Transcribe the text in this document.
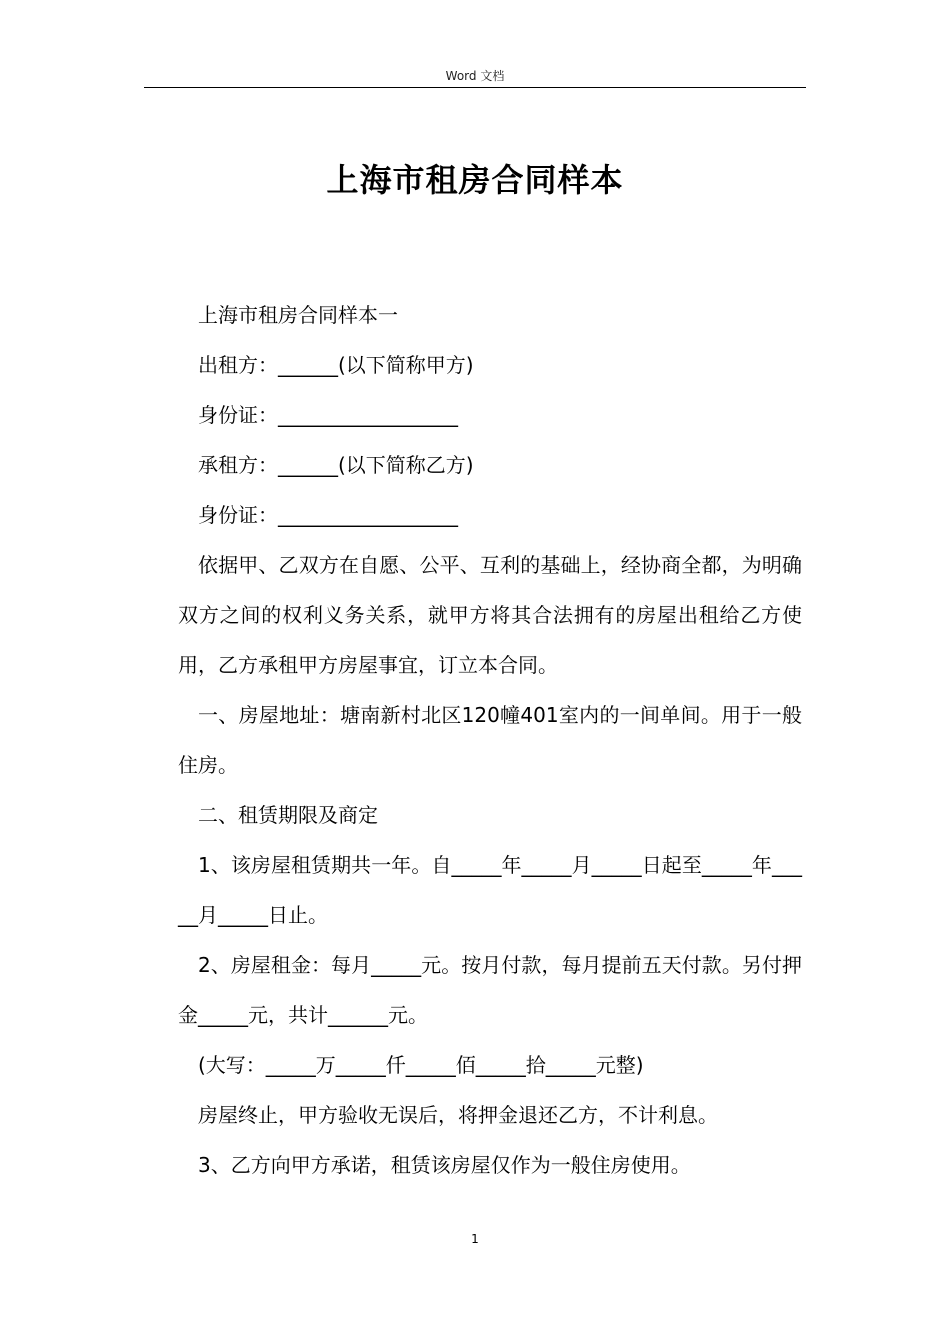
Word 文档
上海市租房合同样本

上海市租房合同样本一

出租方：______(以下简称甲方)

身份证：__________________

承租方：______(以下简称乙方)

身份证：__________________

依据甲、乙双方在自愿、公平、互利的基础上，经协商全都，为明确双方之间的权利义务关系，就甲方将其合法拥有的房屋出租给乙方使用，乙方承租甲方房屋事宜，订立本合同。

一、房屋地址：塘南新村北区120幢401室内的一间单间。用于一般住房。

二、租赁期限及商定

1、该房屋租赁期共一年。自_____年_____月_____日起至_____年_____月_____日止。

2、房屋租金：每月_____元。按月付款，每月提前五天付款。另付押金_____元，共计______元。

(大写：_____万_____仟_____佰_____拾_____元整)

房屋终止，甲方验收无误后，将押金退还乙方，不计利息。

3、乙方向甲方承诺，租赁该房屋仅作为一般住房使用。

1
